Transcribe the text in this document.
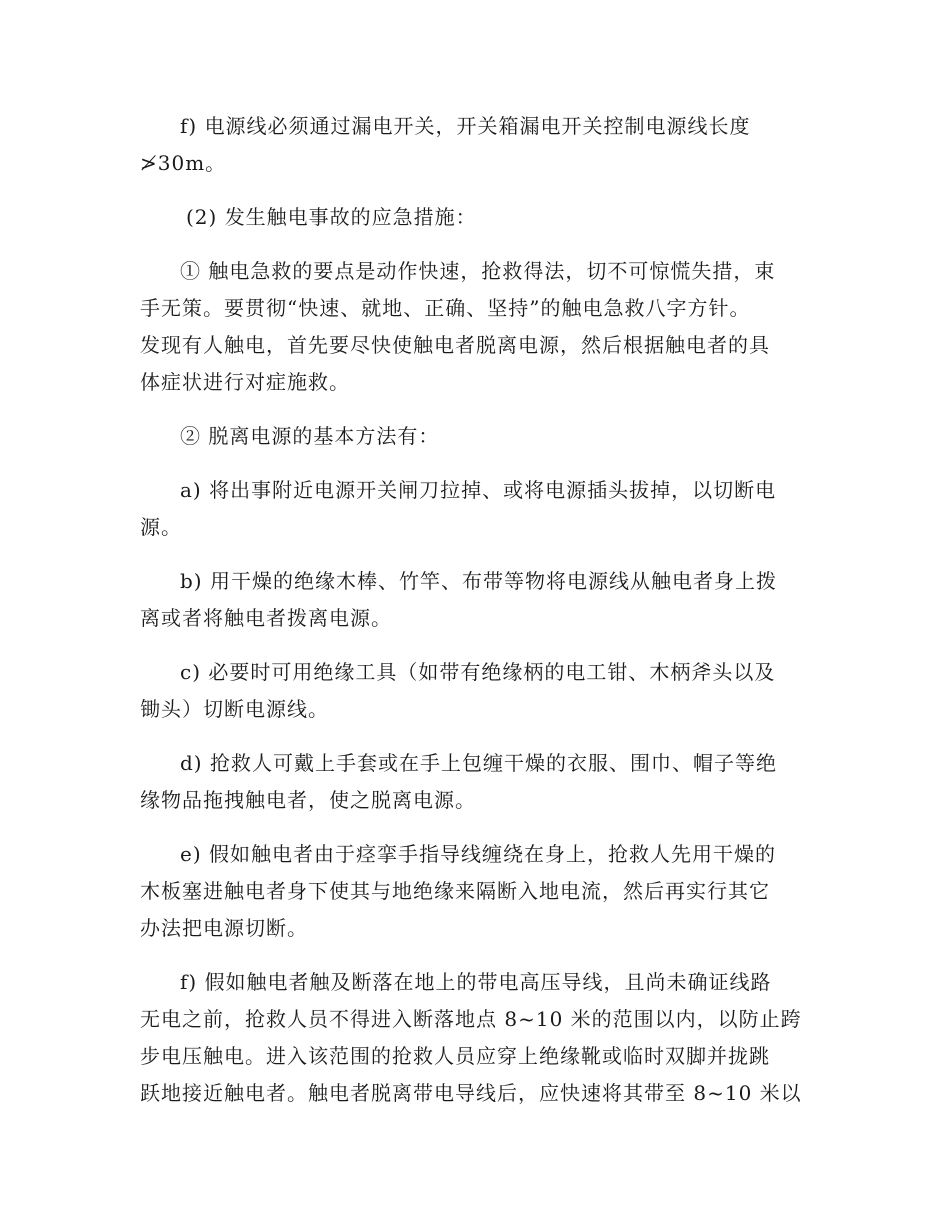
f) 电源线必须通过漏电开关，开关箱漏电开关控制电源线长度
≯30m。

(2) 发生触电事故的应急措施：

① 触电急救的要点是动作快速，抢救得法，切不可惊慌失措，束
手无策。要贯彻“快速、就地、正确、坚持”的触电急救八字方针。
发现有人触电，首先要尽快使触电者脱离电源，然后根据触电者的具
体症状进行对症施救。

② 脱离电源的基本方法有：

a) 将出事附近电源开关闸刀拉掉、或将电源插头拔掉，以切断电
源。

b) 用干燥的绝缘木棒、竹竿、布带等物将电源线从触电者身上拨
离或者将触电者拨离电源。

c) 必要时可用绝缘工具（如带有绝缘柄的电工钳、木柄斧头以及
锄头）切断电源线。

d) 抢救人可戴上手套或在手上包缠干燥的衣服、围巾、帽子等绝
缘物品拖拽触电者，使之脱离电源。

e) 假如触电者由于痉挛手指导线缠绕在身上，抢救人先用干燥的
木板塞进触电者身下使其与地绝缘来隔断入地电流，然后再实行其它
办法把电源切断。

f) 假如触电者触及断落在地上的带电高压导线，且尚未确证线路
无电之前，抢救人员不得进入断落地点 8~10 米的范围以内，以防止跨
步电压触电。进入该范围的抢救人员应穿上绝缘靴或临时双脚并拢跳
跃地接近触电者。触电者脱离带电导线后，应快速将其带至 8~10 米以
